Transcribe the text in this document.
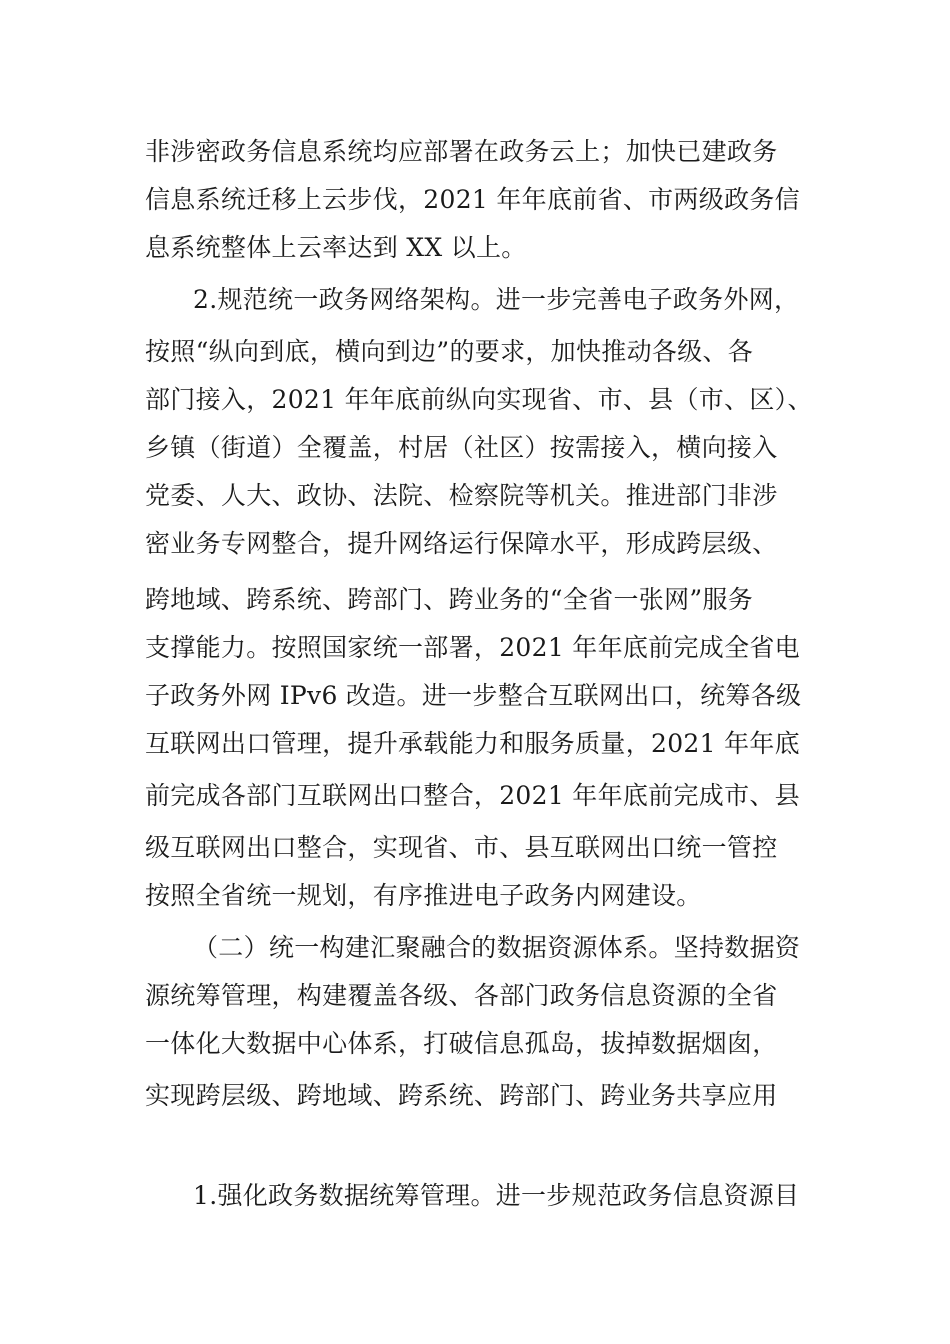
非涉密政务信息系统均应部署在政务云上；加快已建政务

信息系统迁移上云步伐，2021 年年底前省、市两级政务信

息系统整体上云率达到 XX 以上。

2.规范统一政务网络架构。进一步完善电子政务外网，

按照“纵向到底，横向到边”的要求，加快推动各级、各

部门接入，2021 年年底前纵向实现省、市、县（市、区）、

乡镇（街道）全覆盖，村居（社区）按需接入，横向接入

党委、人大、政协、法院、检察院等机关。推进部门非涉

密业务专网整合，提升网络运行保障水平，形成跨层级、

跨地域、跨系统、跨部门、跨业务的“全省一张网”服务

支撑能力。按照国家统一部署，2021 年年底前完成全省电

子政务外网 IPv6 改造。进一步整合互联网出口，统筹各级

互联网出口管理，提升承载能力和服务质量，2021 年年底

前完成各部门互联网出口整合，2021 年年底前完成市、县

级互联网出口整合，实现省、市、县互联网出口统一管控

按照全省统一规划，有序推进电子政务内网建设。

（二）统一构建汇聚融合的数据资源体系。坚持数据资

源统筹管理，构建覆盖各级、各部门政务信息资源的全省

一体化大数据中心体系，打破信息孤岛，拔掉数据烟囱，

实现跨层级、跨地域、跨系统、跨部门、跨业务共享应用

1.强化政务数据统筹管理。进一步规范政务信息资源目
